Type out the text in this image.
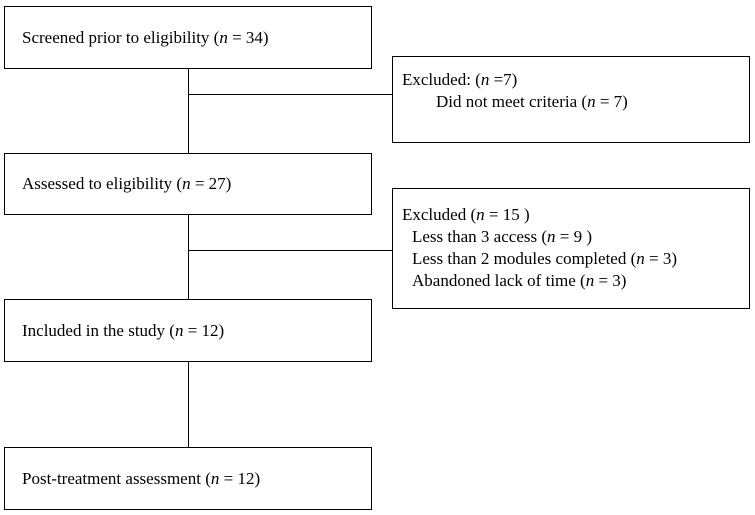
Screened prior to eligibility (n = 34)
Assessed to eligibility (n = 27)
Included in the study (n = 12)
Post-treatment assessment (n = 12)
Excluded: (n =7)
Did not meet criteria (n = 7)
Excluded (n = 15 )
Less than 3 access (n = 9 )
Less than 2 modules completed (n = 3)
Abandoned lack of time (n = 3)
